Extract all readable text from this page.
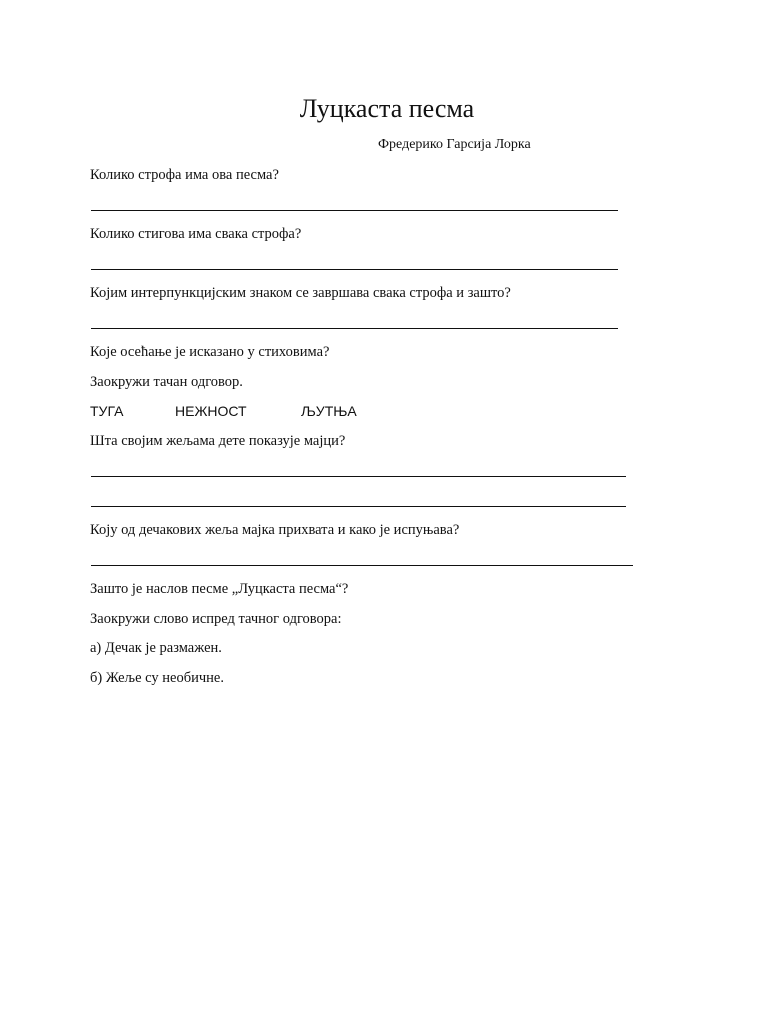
Луцкаста песма
Фредерико Гарсија Лорка
Колико строфа има ова песма?
Колико стигова има свака строфа?
Којим интерпункцијским знаком се завршава свака строфа и зашто?
Које осећање је исказано у стиховима?
Заокружи тачан одговор.
ТУГА	НЕЖНОСТ	ЉУТЊА
Шта својим жељама дете показује мајци?
Коју од дечакових жеља мајка прихвата и како је испуњава?
Зашто је наслов песме „Луцкаста песма“?
Заокружи слово испред тачног одговора:
а) Дечак је размажен.
б) Жеље су необичне.
